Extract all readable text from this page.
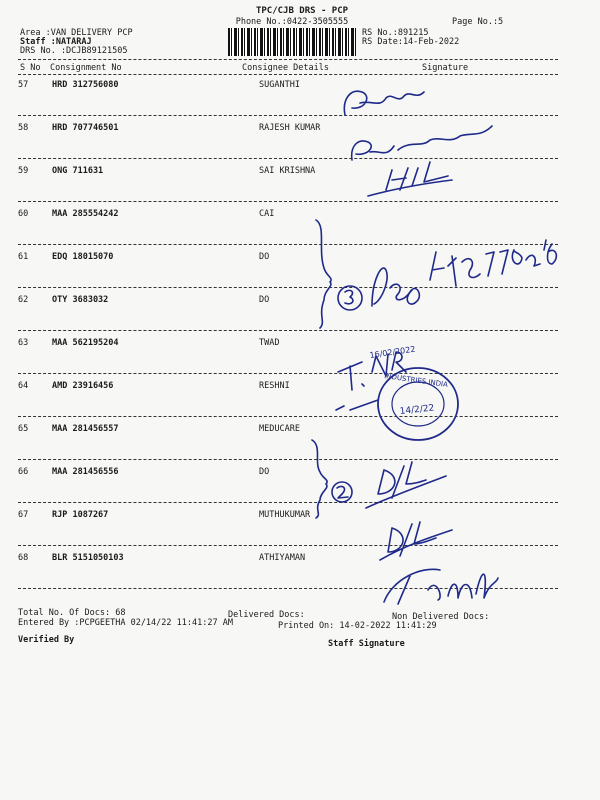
TPC/CJB DRS - PCP
Phone No.:0422-3505555	Page No.:5
Area :VAN DELIVERY PCP
Staff :NATARAJ
DRS No. :DCJB89121505
RS No.:891215
RS Date:14-Feb-2022
S No Consignment No	Consignee Details	Signature
57	HRD 312756080	SUGANTHI
58	HRD 707746501	RAJESH KUMAR
59	ONG 711631	SAI KRISHNA
60	MAA 285554242	CAI
61	EDQ 18015070	DO
62	OTY 3683032	DO
63	MAA 562195204	TWAD
64	AMD 23916456	RESHNI
65	MAA 281456557	MEDUCARE
66	MAA 281456556	DO
67	RJP 1087267	MUTHUKUMAR
68	BLR 5151050103	ATHIYAMAN
Total No. Of Docs: 68	Delivered Docs:	Non Delivered Docs:
Entered By :PCPGEETHA 02/14/22 11:41:27 AM	Printed On: 14-02-2022 11:41:29
Verified By	Staff Signature
16/02/2022
INDUSTRIES INDIA
14/2/22
